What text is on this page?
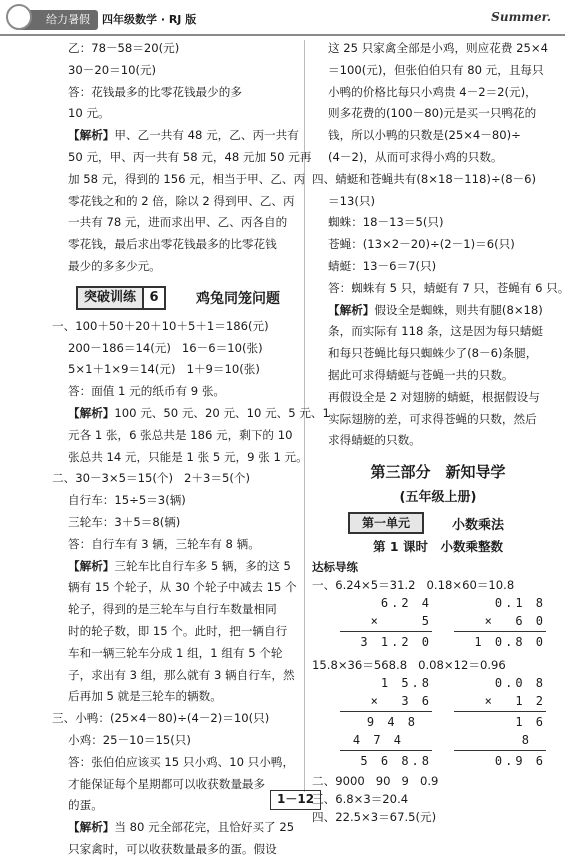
给力暑假	四年级数学 · RJ 版	Summer.
乙：78－58＝20(元)
30－20＝10(元)
答：花钱最多的比零花钱最少的多
10 元。
【解析】甲、乙一共有 48 元，乙、丙一共有
50 元，甲、丙一共有 58 元，48 元加 50 元再
加 58 元，得到的 156 元，相当于甲、乙、丙
零花钱之和的 2 倍，除以 2 得到甲、乙、丙
一共有 78 元，进而求出甲、乙、丙各自的
零花钱，最后求出零花钱最多的比零花钱
最少的多多少元。
突破训练 6	鸡兔同笼问题
一、100＋50＋20＋10＋5＋1＝186(元)
200－186＝14(元)   16－6＝10(张)
5×1＋1×9＝14(元)   1＋9＝10(张)
答：面值 1 元的纸币有 9 张。
【解析】100 元、50 元、20 元、10 元、5 元、1
元各 1 张，6 张总共是 186 元，剩下的 10
张总共 14 元，只能是 1 张 5 元，9 张 1 元。
二、30－3×5＝15(个)   2＋3＝5(个)
自行车：15÷5＝3(辆)
三轮车：3＋5＝8(辆)
答：自行车有 3 辆，三轮车有 8 辆。
【解析】三轮车比自行车多 5 辆，多的这 5
辆有 15 个轮子，从 30 个轮子中减去 15 个
轮子，得到的是三轮车与自行车数量相同
时的轮子数，即 15 个。此时，把一辆自行
车和一辆三轮车分成 1 组，1 组有 5 个轮
子，求出有 3 组，那么就有 3 辆自行车，然
后再加 5 就是三轮车的辆数。
三、小鸭：(25×4－80)÷(4－2)＝10(只)
小鸡：25－10＝15(只)
答：张伯伯应该买 15 只小鸡、10 只小鸭，
才能保证每个星期都可以收获数量最多
的蛋。
【解析】当 80 元全部花完，且恰好买了 25
只家禽时，可以收获数量最多的蛋。假设
这 25 只家禽全部是小鸡，则应花费 25×4
＝100(元)，但张伯伯只有 80 元，且每只
小鸭的价格比每只小鸡贵 4－2＝2(元)，
则多花费的(100－80)元是买一只鸭花的
钱，所以小鸭的只数是(25×4－80)÷
(4－2)，从而可求得小鸡的只数。
四、蜻蜓和苍蝇共有(8×18－118)÷(8－6)
＝13(只)
蜘蛛：18－13＝5(只)
苍蝇：(13×2－20)÷(2－1)＝6(只)
蜻蜓：13－6＝7(只)
答：蜘蛛有 5 只，蜻蜓有 7 只，苍蝇有 6 只。
【解析】假设全是蜘蛛，则共有腿(8×18)
条，而实际有 118 条，这是因为每只蜻蜓
和每只苍蝇比每只蜘蛛少了(8－6)条腿，
据此可求得蜻蜓与苍蝇一共的只数。
再假设全是 2 对翅膀的蜻蜓，根据假设与
实际翅膀的差，可求得苍蝇的只数，然后
求得蜻蜓的只数。
第三部分　新知导学
(五年级上册)
第一单元	小数乘法
第 1 课时　小数乘整数
达标导练
一、6.24×5＝31.2   0.18×60＝10.8
6.2 4
×    5
3 1.2 0
0.1 8
×  6 0
1 0.8 0
15.8×36＝568.8   0.08×12＝0.96
1 5.8
×  3 6
9 4 8
4 7 4
5 6 8.8
0.0 8
×  1 2
1 6
8
0.9 6
二、9000   90   9   0.9
三、6.8×3＝20.4
四、22.5×3＝67.5(元)
1－12
